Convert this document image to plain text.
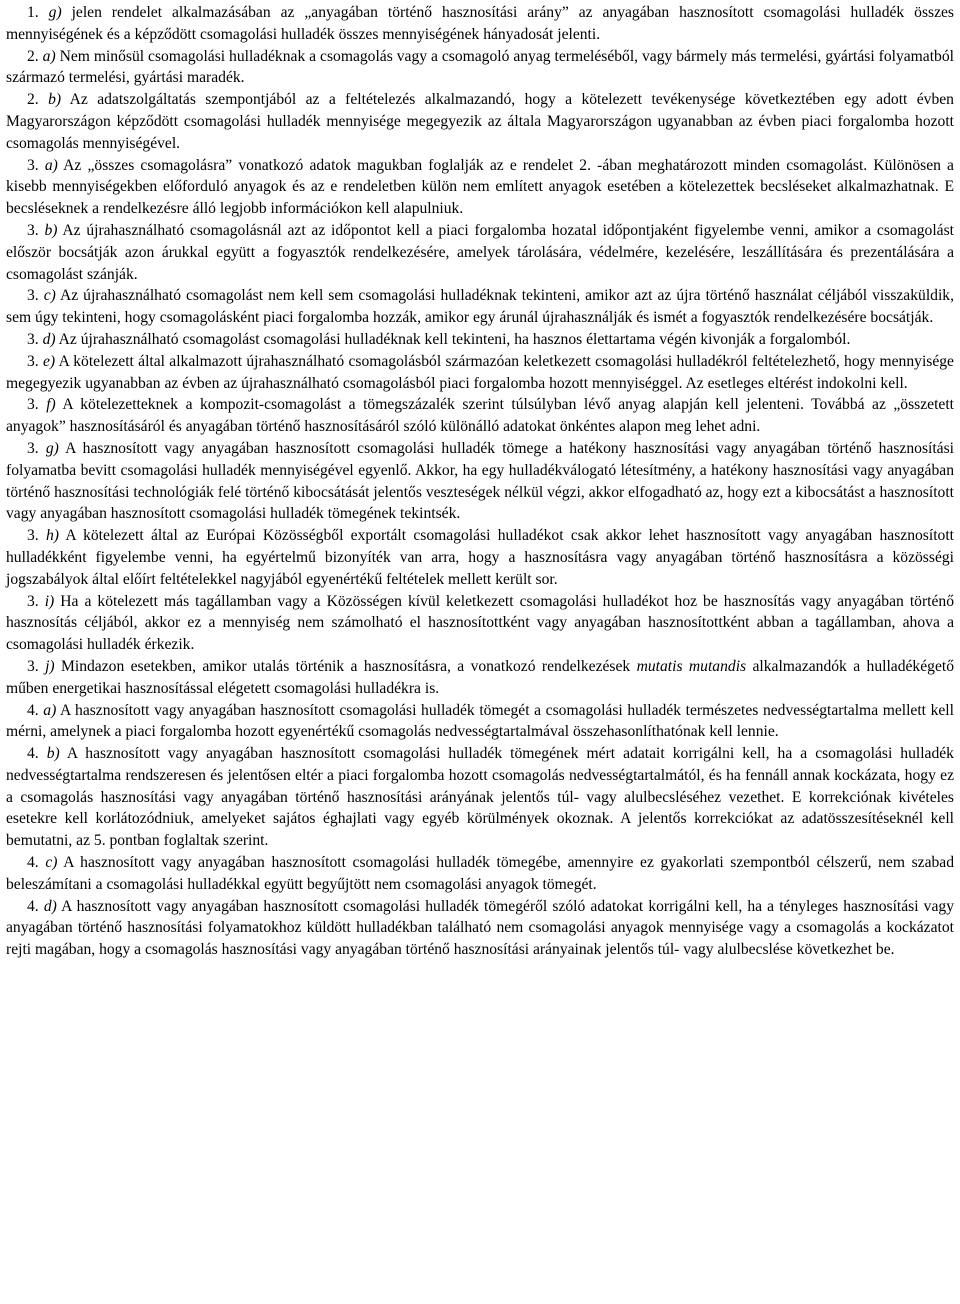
1. g) jelen rendelet alkalmazásában az „anyagában történő hasznosítási arány” az anyagában hasznosított csomagolási hulladék összes mennyiségének és a képződött csomagolási hulladék összes mennyiségének hányadosát jelenti.

2. a) Nem minősül csomagolási hulladéknak a csomagolás vagy a csomagoló anyag termeléséből, vagy bármely más termelési, gyártási folyamatból származó termelési, gyártási maradék.

2. b) Az adatszolgáltatás szempontjából az a feltételezés alkalmazandó, hogy a kötelezett tevékenysége következtében egy adott évben Magyarországon képződött csomagolási hulladék mennyisége megegyezik az általa Magyarországon ugyanabban az évben piaci forgalomba hozott csomagolás mennyiségével.

3. a) Az „összes csomagolásra” vonatkozó adatok magukban foglalják az e rendelet 2. -ában meghatározott minden csomagolást. Különösen a kisebb mennyiségekben előforduló anyagok és az e rendeletben külön nem említett anyagok esetében a kötelezettek becsléseket alkalmazhatnak. E becsléseknek a rendelkezésre álló legjobb információkon kell alapulniuk.

3. b) Az újrahasználható csomagolásnál azt az időpontot kell a piaci forgalomba hozatal időpontjaként figyelembe venni, amikor a csomagolást először bocsátják azon árukkal együtt a fogyasztók rendelkezésére, amelyek tárolására, védelmére, kezelésére, leszállítására és prezentálására a csomagolást szánják.

3. c) Az újrahasználható csomagolást nem kell sem csomagolási hulladéknak tekinteni, amikor azt az újra történő használat céljából visszaküldik, sem úgy tekinteni, hogy csomagolásként piaci forgalomba hozzák, amikor egy árunál újrahasználják és ismét a fogyasztók rendelkezésére bocsátják.

3. d) Az újrahasználható csomagolást csomagolási hulladéknak kell tekinteni, ha hasznos élettartama végén kivonják a forgalomból.

3. e) A kötelezett által alkalmazott újrahasználható csomagolásból származóan keletkezett csomagolási hulladékról feltételezhető, hogy mennyisége megegyezik ugyanabban az évben az újrahasználható csomagolásból piaci forgalomba hozott mennyiséggel. Az esetleges eltérést indokolni kell.

3. f) A kötelezetteknek a kompozit-csomagolást a tömegszázalék szerint túlsúlyban lévő anyag alapján kell jelenteni. Továbbá az „összetett anyagok” hasznosításáról és anyagában történő hasznosításáról szóló különálló adatokat önkéntes alapon meg lehet adni.

3. g) A hasznosított vagy anyagában hasznosított csomagolási hulladék tömege a hatékony hasznosítási vagy anyagában történő hasznosítási folyamatba bevitt csomagolási hulladék mennyiségével egyenlő. Akkor, ha egy hulladékválogató létesítmény, a hatékony hasznosítási vagy anyagában történő hasznosítási technológiák felé történő kibocsátását jelentős veszteségek nélkül végzi, akkor elfogadható az, hogy ezt a kibocsátást a hasznosított vagy anyagában hasznosított csomagolási hulladék tömegének tekintsék.

3. h) A kötelezett által az Európai Közösségből exportált csomagolási hulladékot csak akkor lehet hasznosított vagy anyagában hasznosított hulladékként figyelembe venni, ha egyértelmű bizonyíték van arra, hogy a hasznosításra vagy anyagában történő hasznosításra a közösségi jogszabályok által előírt feltételekkel nagyjából egyenértékű feltételek mellett került sor.

3. i) Ha a kötelezett más tagállamban vagy a Közösségen kívül keletkezett csomagolási hulladékot hoz be hasznosítás vagy anyagában történő hasznosítás céljából, akkor ez a mennyiség nem számolható el hasznosítottként vagy anyagában hasznosítottként abban a tagállamban, ahova a csomagolási hulladék érkezik.

3. j) Mindazon esetekben, amikor utalás történik a hasznosításra, a vonatkozó rendelkezések mutatis mutandis alkalmazandók a hulladékégető műben energetikai hasznosítással elégetett csomagolási hulladékra is.

4. a) A hasznosított vagy anyagában hasznosított csomagolási hulladék tömegét a csomagolási hulladék természetes nedvességtartalma mellett kell mérni, amelynek a piaci forgalomba hozott egyenértékű csomagolás nedvességtartalmával összehasonlíthatónak kell lennie.

4. b) A hasznosított vagy anyagában hasznosított csomagolási hulladék tömegének mért adatait korrigálni kell, ha a csomagolási hulladék nedvességtartalma rendszeresen és jelentősen eltér a piaci forgalomba hozott csomagolás nedvességtartalmától, és ha fennáll annak kockázata, hogy ez a csomagolás hasznosítási vagy anyagában történő hasznosítási arányának jelentős túl- vagy alulbecsléséhez vezethet. E korrekciónak kivételes esetekre kell korlátozódniuk, amelyeket sajátos éghajlati vagy egyéb körülmények okoznak. A jelentős korrekciókat az adatösszesítéseknél kell bemutatni, az 5. pontban foglaltak szerint.

4. c) A hasznosított vagy anyagában hasznosított csomagolási hulladék tömegébe, amennyire ez gyakorlati szempontból célszerű, nem szabad beleszámítani a csomagolási hulladékkal együtt begyűjtött nem csomagolási anyagok tömegét.

4. d) A hasznosított vagy anyagában hasznosított csomagolási hulladék tömegéről szóló adatokat korrigálni kell, ha a tényleges hasznosítási vagy anyagában történő hasznosítási folyamatokhoz küldött hulladékban található nem csomagolási anyagok mennyisége vagy a csomagolás a kockázatot rejti magában, hogy a csomagolás hasznosítási vagy anyagában történő hasznosítási arányainak jelentős túl- vagy alulbecslése következhet be.
